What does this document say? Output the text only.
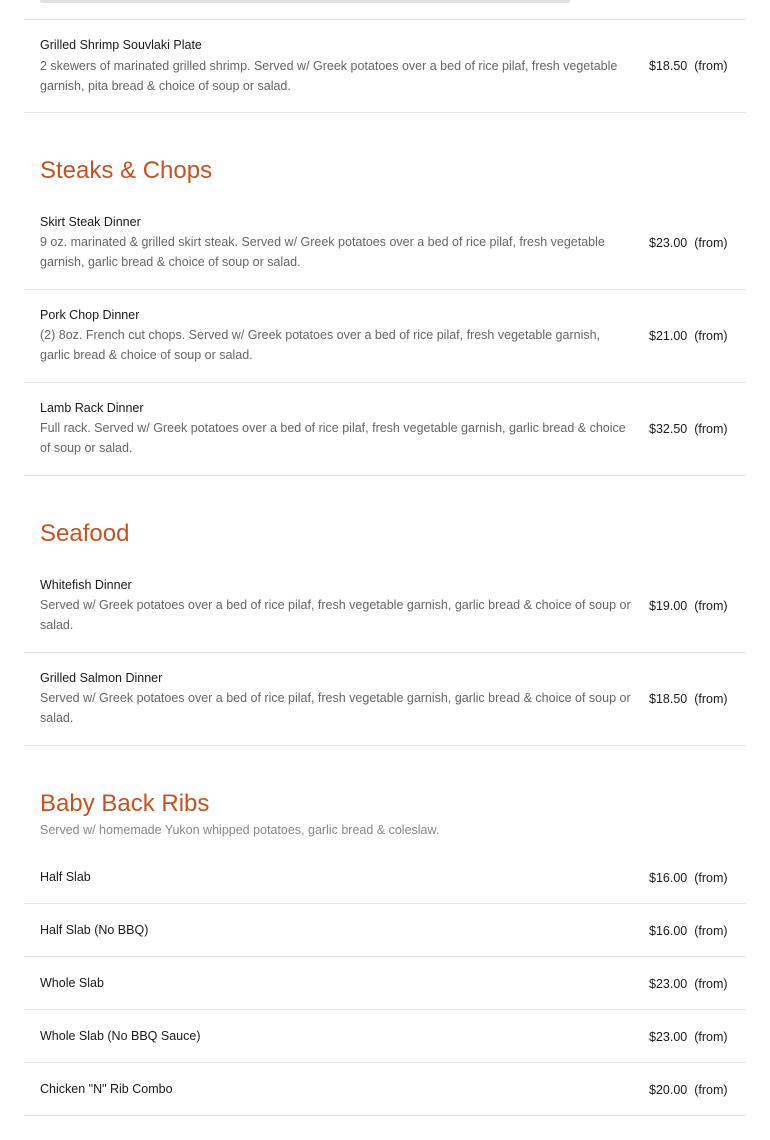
Grilled Shrimp Souvlaki Plate
2 skewers of marinated grilled shrimp. Served w/ Greek potatoes over a bed of rice pilaf, fresh vegetable
garnish, pita bread & choice of soup or salad.
$18.50 (from)
Steaks & Chops
Skirt Steak Dinner
9 oz. marinated & grilled skirt steak. Served w/ Greek potatoes over a bed of rice pilaf, fresh vegetable
garnish, garlic bread & choice of soup or salad.
$23.00 (from)
Pork Chop Dinner
(2) 8oz. French cut chops. Served w/ Greek potatoes over a bed of rice pilaf, fresh vegetable garnish,
garlic bread & choice of soup or salad.
$21.00 (from)
Lamb Rack Dinner
Full rack. Served w/ Greek potatoes over a bed of rice pilaf, fresh vegetable garnish, garlic bread & choice
of soup or salad.
$32.50 (from)
Seafood
Whitefish Dinner
Served w/ Greek potatoes over a bed of rice pilaf, fresh vegetable garnish, garlic bread & choice of soup or
salad.
$19.00 (from)
Grilled Salmon Dinner
Served w/ Greek potatoes over a bed of rice pilaf, fresh vegetable garnish, garlic bread & choice of soup or
salad.
$18.50 (from)
Baby Back Ribs
Served w/ homemade Yukon whipped potatoes, garlic bread & coleslaw.
Half Slab	$16.00 (from)
Half Slab (No BBQ)	$16.00 (from)
Whole Slab	$23.00 (from)
Whole Slab (No BBQ Sauce)	$23.00 (from)
Chicken "N" Rib Combo	$20.00 (from)
